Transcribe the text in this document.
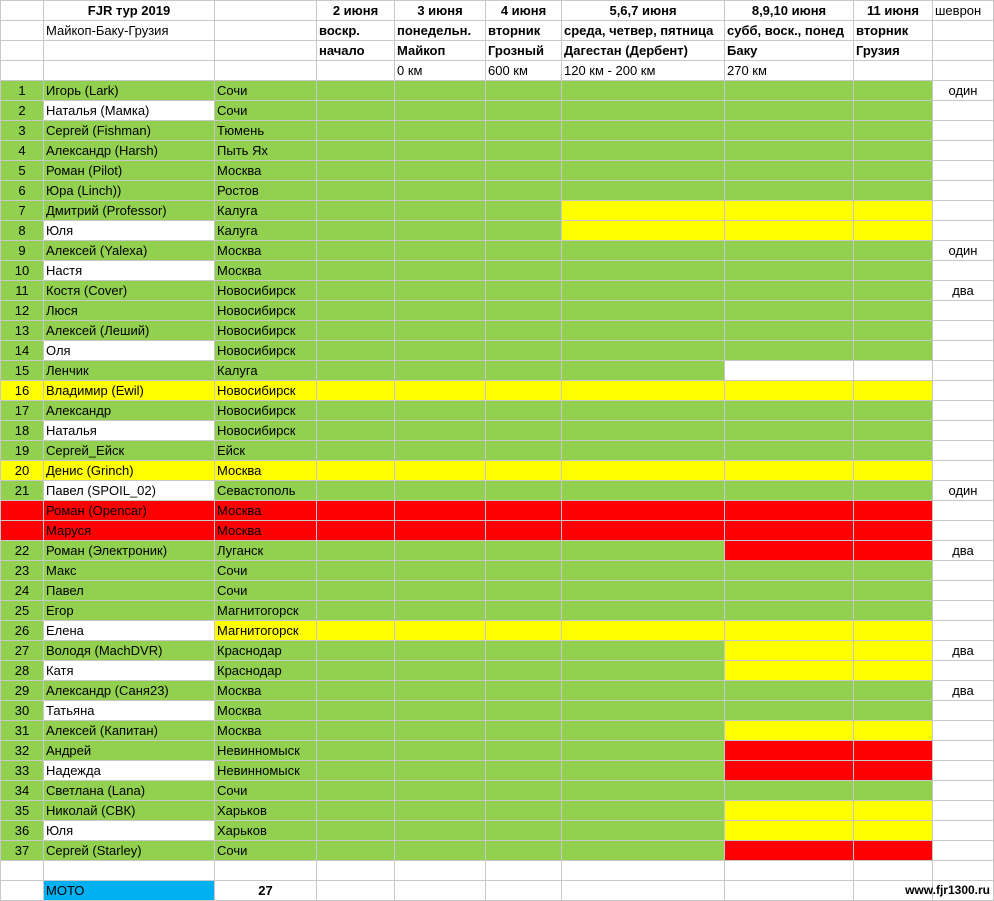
	FJR тур 2019		2 июня	3 июня	4 июня	5,6,7 июня	8,9,10 июня	11 июня	шеврон
	Майкоп-Баку-Грузия		воскр.	понедельн.	вторник	среда, четвер, пятница	субб, воск., понед	вторник	
			начало	Майкоп	Грозный	Дагестан (Дербент)	Баку	Грузия	
				0 км	600 км	120 км - 200 км	270 км		
1	Игорь (Lark)	Сочи							один
2	Наталья (Мамка)	Сочи							
3	Сергей (Fishman)	Тюмень							
4	Александр (Harsh)	Пыть Ях							
5	Роман (Pilot)	Москва							
6	Юра (Linch))	Ростов							
7	Дмитрий (Professor)	Калуга							
8	Юля	Калуга							
9	Алексей (Yalexa)	Москва							один
10	Настя	Москва							
11	Костя (Cover)	Новосибирск							два
12	Люся	Новосибирск							
13	Алексей (Леший)	Новосибирск							
14	Оля	Новосибирск							
15	Ленчик	Калуга							
16	Владимир (Ewil)	Новосибирск							
17	Александр	Новосибирск							
18	Наталья	Новосибирск							
19	Сергей_Ейск	Ейск							
20	Денис (Grinch)	Москва							
21	Павел (SPOIL_02)	Севастополь							один
	Роман (Opencar)	Москва							
	Маруся	Москва							
22	Роман (Электроник)	Луганск							два
23	Макс	Сочи							
24	Павел	Сочи							
25	Егор	Магнитогорск							
26	Елена	Магнитогорск							
27	Володя (MachDVR)	Краснодар							два
28	Катя	Краснодар							
29	Александр (Саня23)	Москва							два
30	Татьяна	Москва							
31	Алексей (Капитан)	Москва							
32	Андрей	Невинномыск							
33	Надежда	Невинномыск							
34	Светлана (Lana)	Сочи							
35	Николай (СВК)	Харьков							
36	Юля	Харьков							
37	Сергей (Starley)	Сочи							

	МОТО	27								www.fjr1300.ru
